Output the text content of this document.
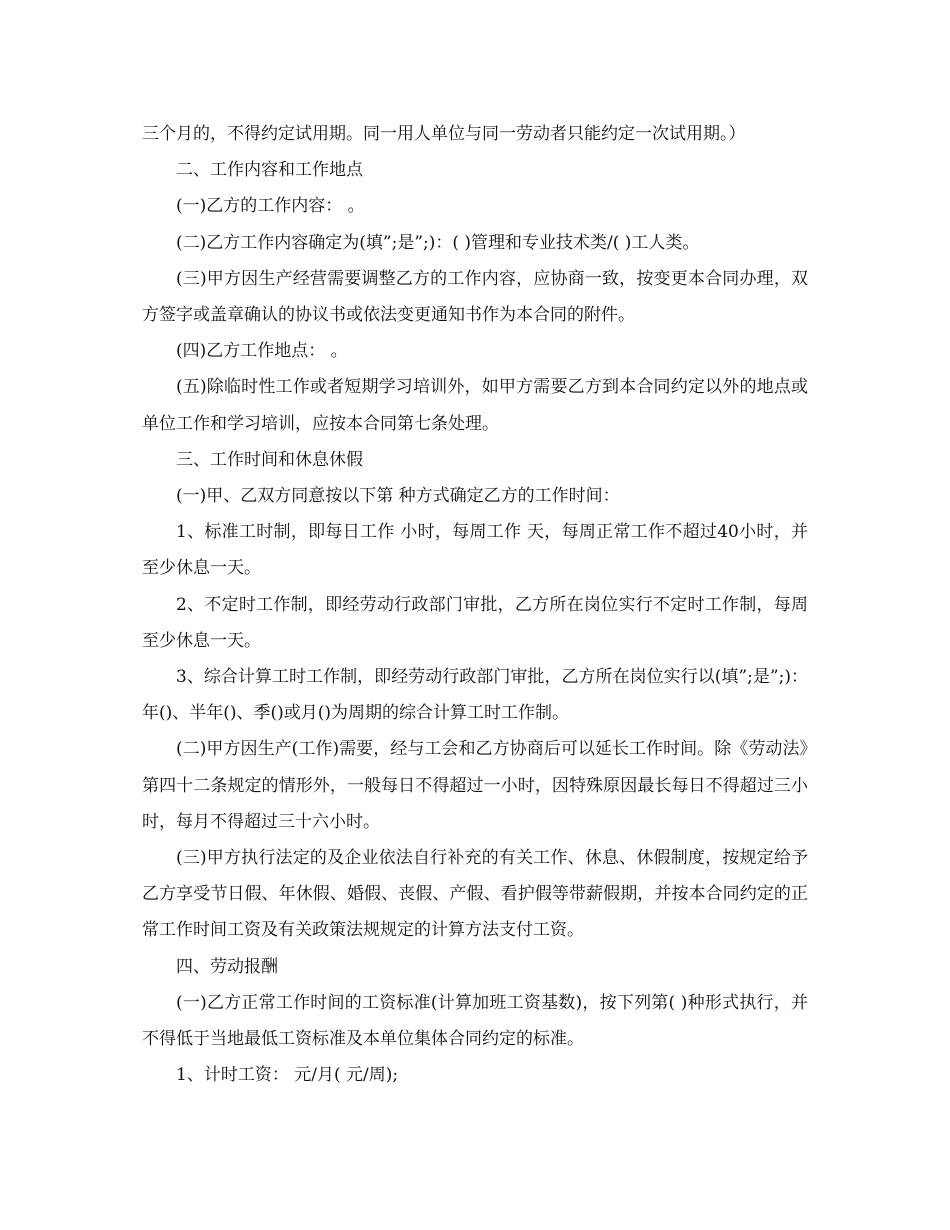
三个月的，不得约定试用期。同一用人单位与同一劳动者只能约定一次试用期。）

二、工作内容和工作地点

(一)乙方的工作内容： 。

(二)乙方工作内容确定为(填”;是”;)：( )管理和专业技术类/( )工人类。

(三)甲方因生产经营需要调整乙方的工作内容，应协商一致，按变更本合同办理，双方签字或盖章确认的协议书或依法变更通知书作为本合同的附件。

(四)乙方工作地点： 。

(五)除临时性工作或者短期学习培训外，如甲方需要乙方到本合同约定以外的地点或单位工作和学习培训，应按本合同第七条处理。

三、工作时间和休息休假

(一)甲、乙双方同意按以下第 种方式确定乙方的工作时间：

1、标准工时制，即每日工作 小时，每周工作 天，每周正常工作不超过40小时，并至少休息一天。

2、不定时工作制，即经劳动行政部门审批，乙方所在岗位实行不定时工作制，每周至少休息一天。

3、综合计算工时工作制，即经劳动行政部门审批，乙方所在岗位实行以(填”;是”;)：年()、半年()、季()或月()为周期的综合计算工时工作制。

(二)甲方因生产(工作)需要，经与工会和乙方协商后可以延长工作时间。除《劳动法》第四十二条规定的情形外，一般每日不得超过一小时，因特殊原因最长每日不得超过三小时，每月不得超过三十六小时。

(三)甲方执行法定的及企业依法自行补充的有关工作、休息、休假制度，按规定给予乙方享受节日假、年休假、婚假、丧假、产假、看护假等带薪假期，并按本合同约定的正常工作时间工资及有关政策法规规定的计算方法支付工资。

四、劳动报酬

(一)乙方正常工作时间的工资标准(计算加班工资基数)，按下列第( )种形式执行，并不得低于当地最低工资标准及本单位集体合同约定的标准。

1、计时工资： 元/月( 元/周);
